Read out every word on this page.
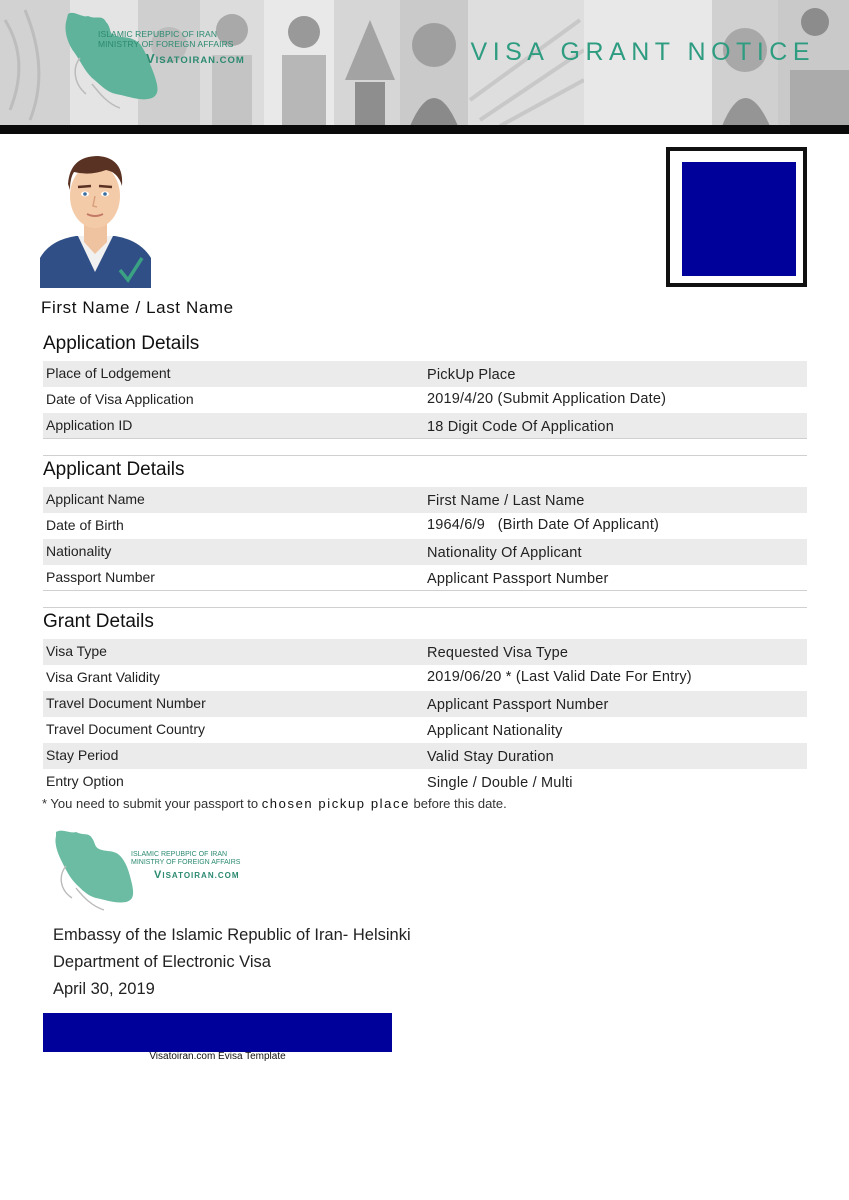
ISLAMIC REPUBPIC OF IRAN
MINISTRY OF FOREIGN AFFAIRS
VISATOIRAN.COM	VISA GRANT NOTICE
First Name / Last Name
Application Details
Place of Lodgement	PickUp Place
Date of Visa Application	2019/4/20 (Submit Application Date)
Application ID	18 Digit Code Of Application
Applicant Details
Applicant Name	First Name / Last Name
Date of Birth	1964/6/9   (Birth Date Of Applicant)
Nationality	Nationality Of Applicant
Passport Number	Applicant Passport Number
Grant Details
Visa Type	Requested Visa Type
Visa Grant Validity	2019/06/20 * (Last Valid Date For Entry)
Travel Document Number	Applicant Passport Number
Travel Document Country	Applicant Nationality
Stay Period	Valid Stay Duration
Entry Option	Single / Double / Multi
* You need to submit your passport to chosen pickup place before this date.
ISLAMIC REPUBPIC OF IRAN
MINISTRY OF FOREIGN AFFAIRS
VISATOIRAN.COM
Embassy of the Islamic Republic of Iran- Helsinki
Department of Electronic Visa
April 30, 2019
Visatoiran.com Evisa Template
